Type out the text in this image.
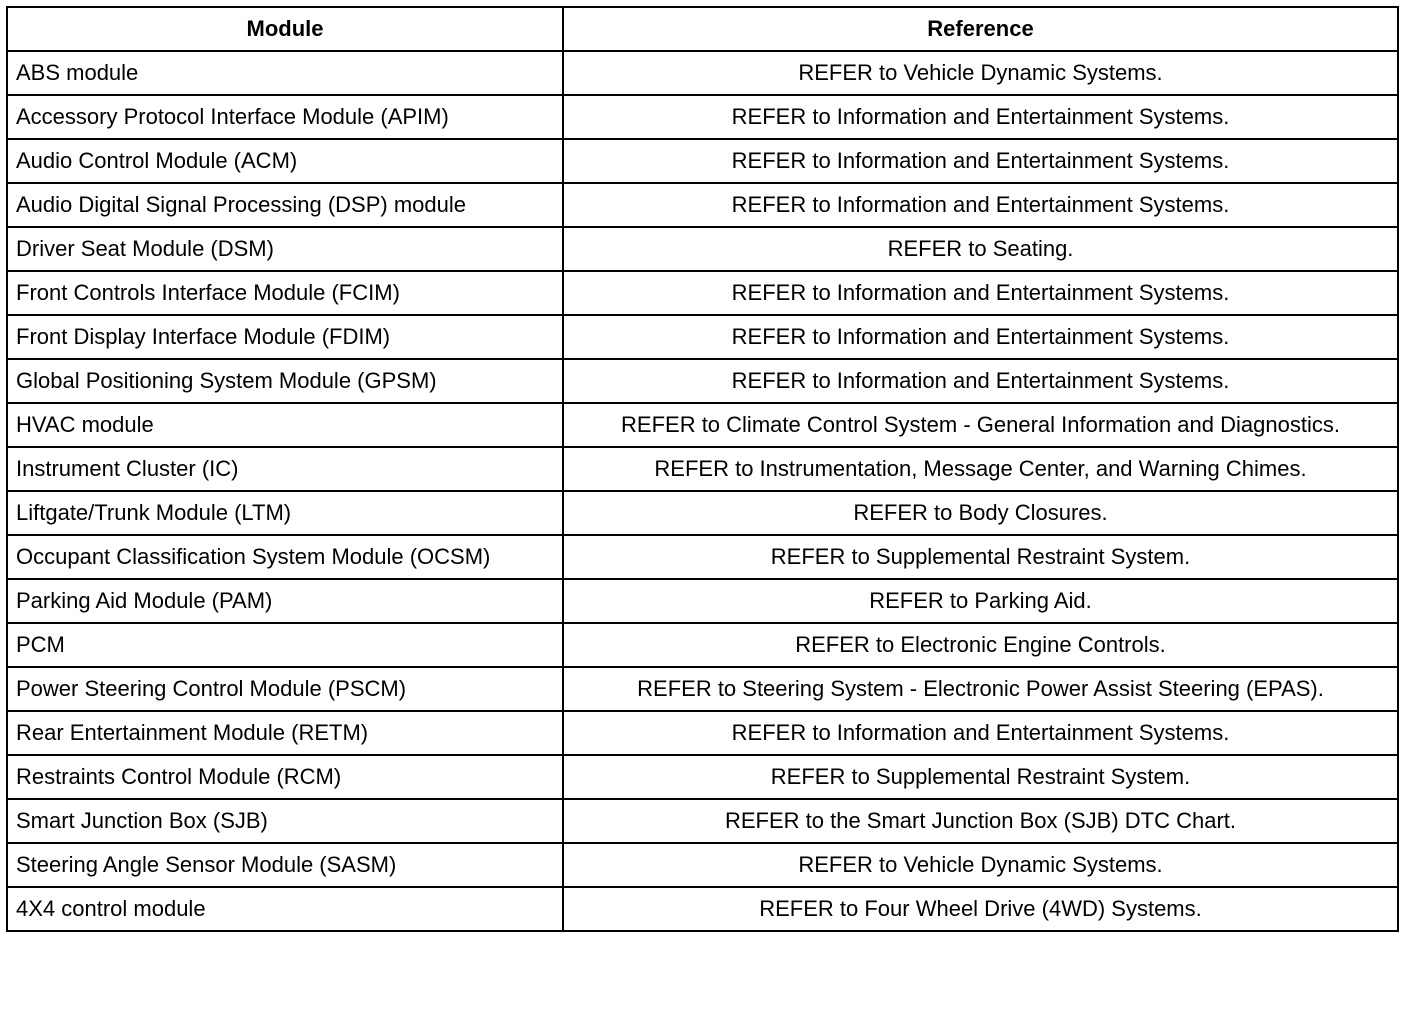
Module	Reference
ABS module	REFER to Vehicle Dynamic Systems.
Accessory Protocol Interface Module (APIM)	REFER to Information and Entertainment Systems.
Audio Control Module (ACM)	REFER to Information and Entertainment Systems.
Audio Digital Signal Processing (DSP) module	REFER to Information and Entertainment Systems.
Driver Seat Module (DSM)	REFER to Seating.
Front Controls Interface Module (FCIM)	REFER to Information and Entertainment Systems.
Front Display Interface Module (FDIM)	REFER to Information and Entertainment Systems.
Global Positioning System Module (GPSM)	REFER to Information and Entertainment Systems.
HVAC module	REFER to Climate Control System - General Information and Diagnostics.
Instrument Cluster (IC)	REFER to Instrumentation, Message Center, and Warning Chimes.
Liftgate/Trunk Module (LTM)	REFER to Body Closures.
Occupant Classification System Module (OCSM)	REFER to Supplemental Restraint System.
Parking Aid Module (PAM)	REFER to Parking Aid.
PCM	REFER to Electronic Engine Controls.
Power Steering Control Module (PSCM)	REFER to Steering System - Electronic Power Assist Steering (EPAS).
Rear Entertainment Module (RETM)	REFER to Information and Entertainment Systems.
Restraints Control Module (RCM)	REFER to Supplemental Restraint System.
Smart Junction Box (SJB)	REFER to the Smart Junction Box (SJB) DTC Chart.
Steering Angle Sensor Module (SASM)	REFER to Vehicle Dynamic Systems.
4X4 control module	REFER to Four Wheel Drive (4WD) Systems.
